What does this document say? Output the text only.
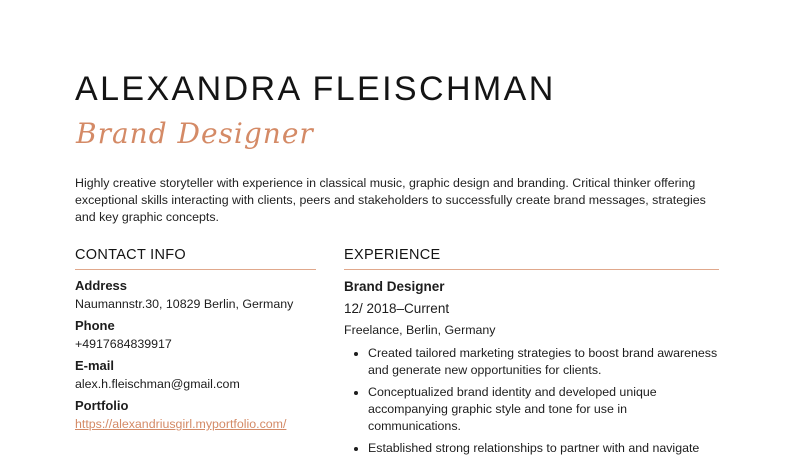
ALEXANDRA FLEISCHMAN
Brand Designer

Highly creative storyteller with experience in classical music, graphic design and branding. Critical thinker offering exceptional skills interacting with clients, peers and stakeholders to successfully create brand messages, strategies and key graphic concepts.

CONTACT INFO
Address
Naumannstr.30, 10829 Berlin, Germany
Phone
+4917684839917
E-mail
alex.h.fleischman@gmail.com
Portfolio
https://alexandriusgirl.myportfolio.com/
EXPERIENCE
Brand Designer
12/ 2018–Current
Freelance, Berlin, Germany
• Created tailored marketing strategies to boost brand awareness and generate new opportunities for clients.
• Conceptualized brand identity and developed unique accompanying graphic style and tone for use in communications.
• Established strong relationships to partner with and navigate
